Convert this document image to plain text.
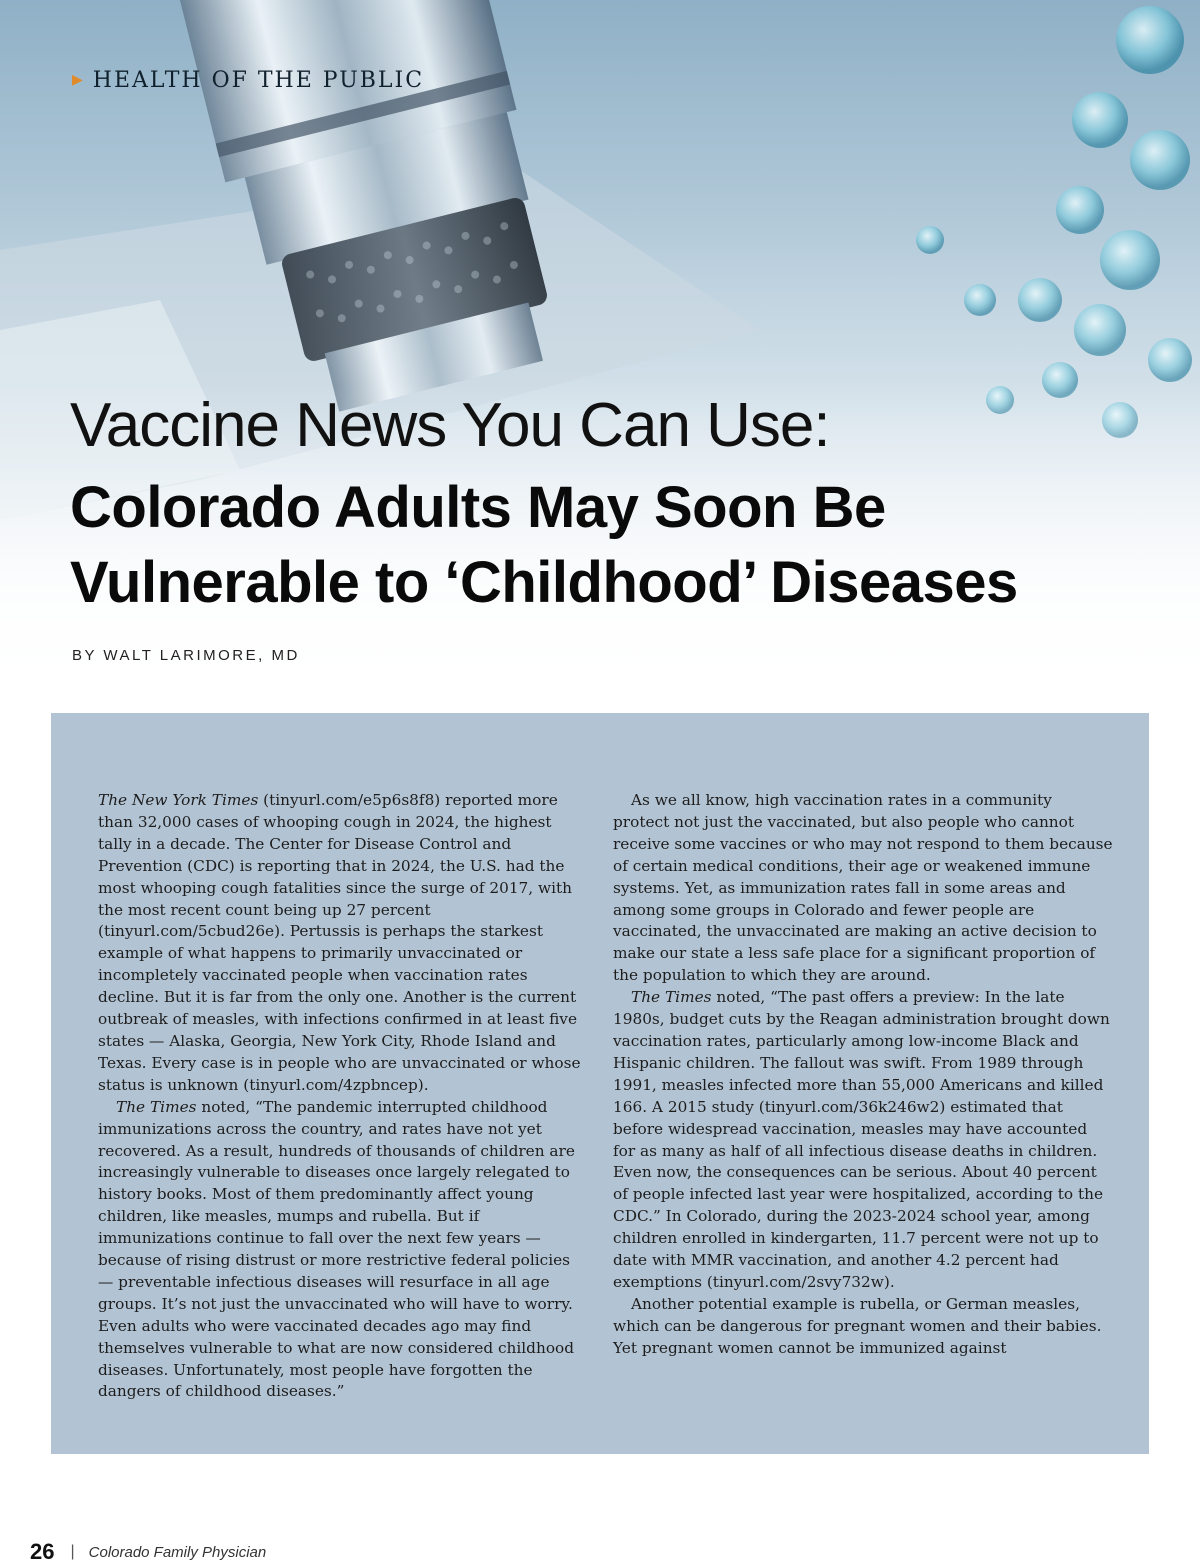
▶ HEALTH OF THE PUBLIC
Vaccine News You Can Use:
Colorado Adults May Soon Be
Vulnerable to ‘Childhood’ Diseases
BY WALT LARIMORE, MD

The New York Times (tinyurl.com/e5p6s8f8) reported more than 32,000 cases of whooping cough in 2024, the highest tally in a decade. The Center for Disease Control and Prevention (CDC) is reporting that in 2024, the U.S. had the most whooping cough fatalities since the surge of 2017, with the most recent count being up 27 percent (tinyurl.com/5cbud26e). Pertussis is perhaps the starkest example of what happens to primarily unvaccinated or incompletely vaccinated people when vaccination rates decline. But it is far from the only one. Another is the current outbreak of measles, with infections confirmed in at least five states — Alaska, Georgia, New York City, Rhode Island and Texas. Every case is in people who are unvaccinated or whose status is unknown (tinyurl.com/4zpbncep).

The Times noted, “The pandemic interrupted childhood immunizations across the country, and rates have not yet recovered. As a result, hundreds of thousands of children are increasingly vulnerable to diseases once largely relegated to history books. Most of them predominantly affect young children, like measles, mumps and rubella. But if immunizations continue to fall over the next few years — because of rising distrust or more restrictive federal policies — preventable infectious diseases will resurface in all age groups. It’s not just the unvaccinated who will have to worry. Even adults who were vaccinated decades ago may find themselves vulnerable to what are now considered childhood diseases. Unfortunately, most people have forgotten the dangers of childhood diseases.”

As we all know, high vaccination rates in a community protect not just the vaccinated, but also people who cannot receive some vaccines or who may not respond to them because of certain medical conditions, their age or weakened immune systems. Yet, as immunization rates fall in some areas and among some groups in Colorado and fewer people are vaccinated, the unvaccinated are making an active decision to make our state a less safe place for a significant proportion of the population to which they are around.

The Times noted, “The past offers a preview: In the late 1980s, budget cuts by the Reagan administration brought down vaccination rates, particularly among low-income Black and Hispanic children. The fallout was swift. From 1989 through 1991, measles infected more than 55,000 Americans and killed 166. A 2015 study (tinyurl.com/36k246w2) estimated that before widespread vaccination, measles may have accounted for as many as half of all infectious disease deaths in children. Even now, the consequences can be serious. About 40 percent of people infected last year were hospitalized, according to the CDC.” In Colorado, during the 2023-2024 school year, among children enrolled in kindergarten, 11.7 percent were not up to date with MMR vaccination, and another 4.2 percent had exemptions (tinyurl.com/2svy732w).

Another potential example is rubella, or German measles, which can be dangerous for pregnant women and their babies. Yet pregnant women cannot be immunized against

26 | Colorado Family Physician
